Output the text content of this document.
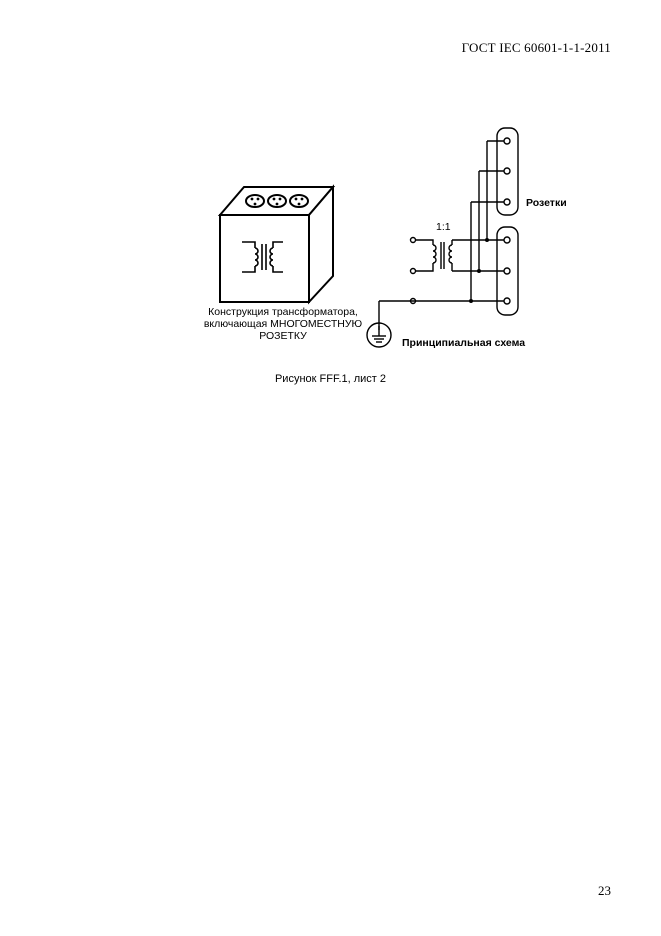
ГОСТ IEC 60601-1-1-2011
Конструкция трансформатора,
включающая МНОГОМЕСТНУЮ
РОЗЕТКУ
Розетки
1:1
Принципиальная схема
Рисунок FFF.1, лист 2
23
